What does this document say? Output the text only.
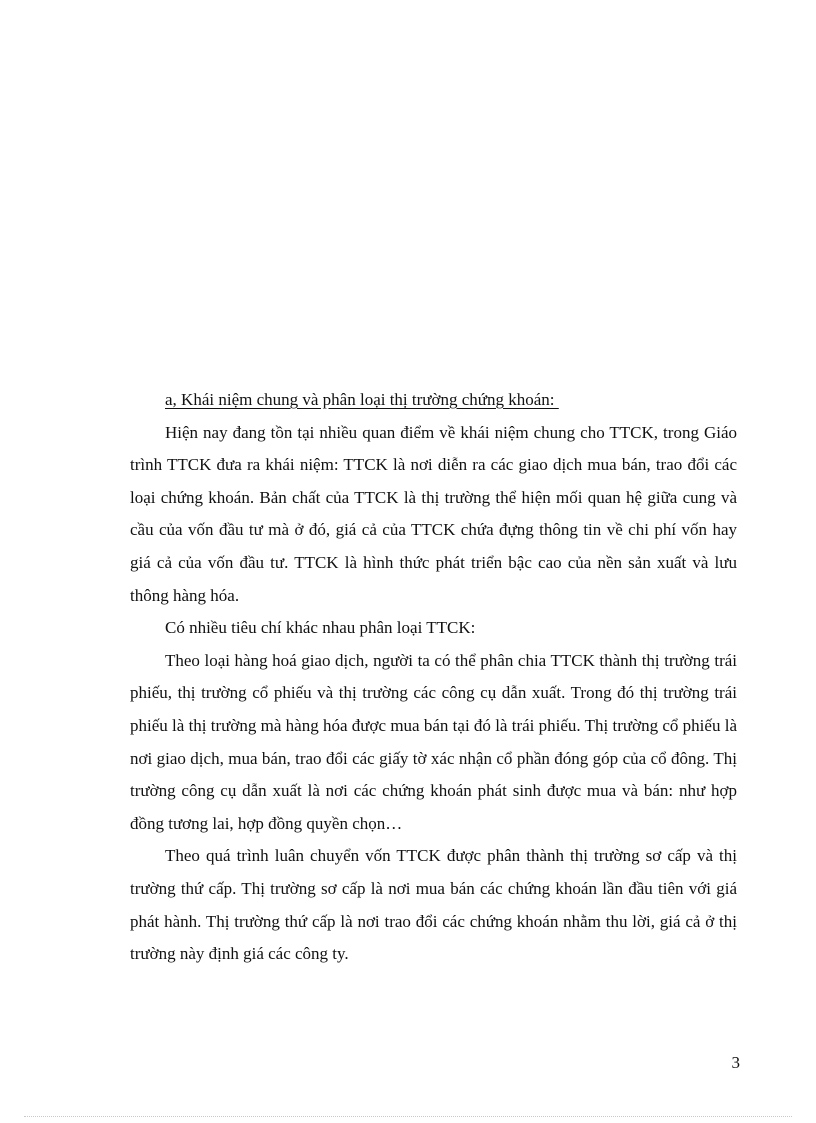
a, Khái niệm chung và phân loại thị trường chứng khoán:

Hiện nay đang tồn tại nhiều quan điểm về khái niệm chung cho TTCK, trong Giáo trình TTCK đưa ra khái niệm: TTCK là nơi diễn ra các giao dịch mua bán, trao đổi các loại chứng khoán. Bản chất của TTCK là thị trường thể hiện mối quan hệ giữa cung và cầu của vốn đầu tư mà ở đó, giá cả của TTCK chứa đựng thông tin về chi phí vốn hay giá cả của vốn đầu tư. TTCK là hình thức phát triển bậc cao của nền sản xuất và lưu thông hàng hóa.

Có nhiều tiêu chí khác nhau phân loại TTCK:

Theo loại hàng hoá giao dịch, người ta có thể phân chia TTCK thành thị trường trái phiếu, thị trường cổ phiếu và thị trường các công cụ dẫn xuất. Trong đó thị trường trái phiếu là thị trường mà hàng hóa được mua bán tại đó là trái phiếu. Thị trường cổ phiếu là nơi giao dịch, mua bán, trao đổi các giấy tờ xác nhận cổ phần đóng góp của cổ đông. Thị trường công cụ dẫn xuất là nơi các chứng khoán phát sinh được mua và bán: như hợp đồng tương lai, hợp đồng quyền chọn…

Theo quá trình luân chuyển vốn TTCK được phân thành thị trường sơ cấp và thị trường thứ cấp. Thị trường sơ cấp là nơi mua bán các chứng khoán lần đầu tiên với giá phát hành. Thị trường thứ cấp là nơi trao đổi các chứng khoán nhằm thu lời, giá cả ở thị trường này định giá các công ty.

3
